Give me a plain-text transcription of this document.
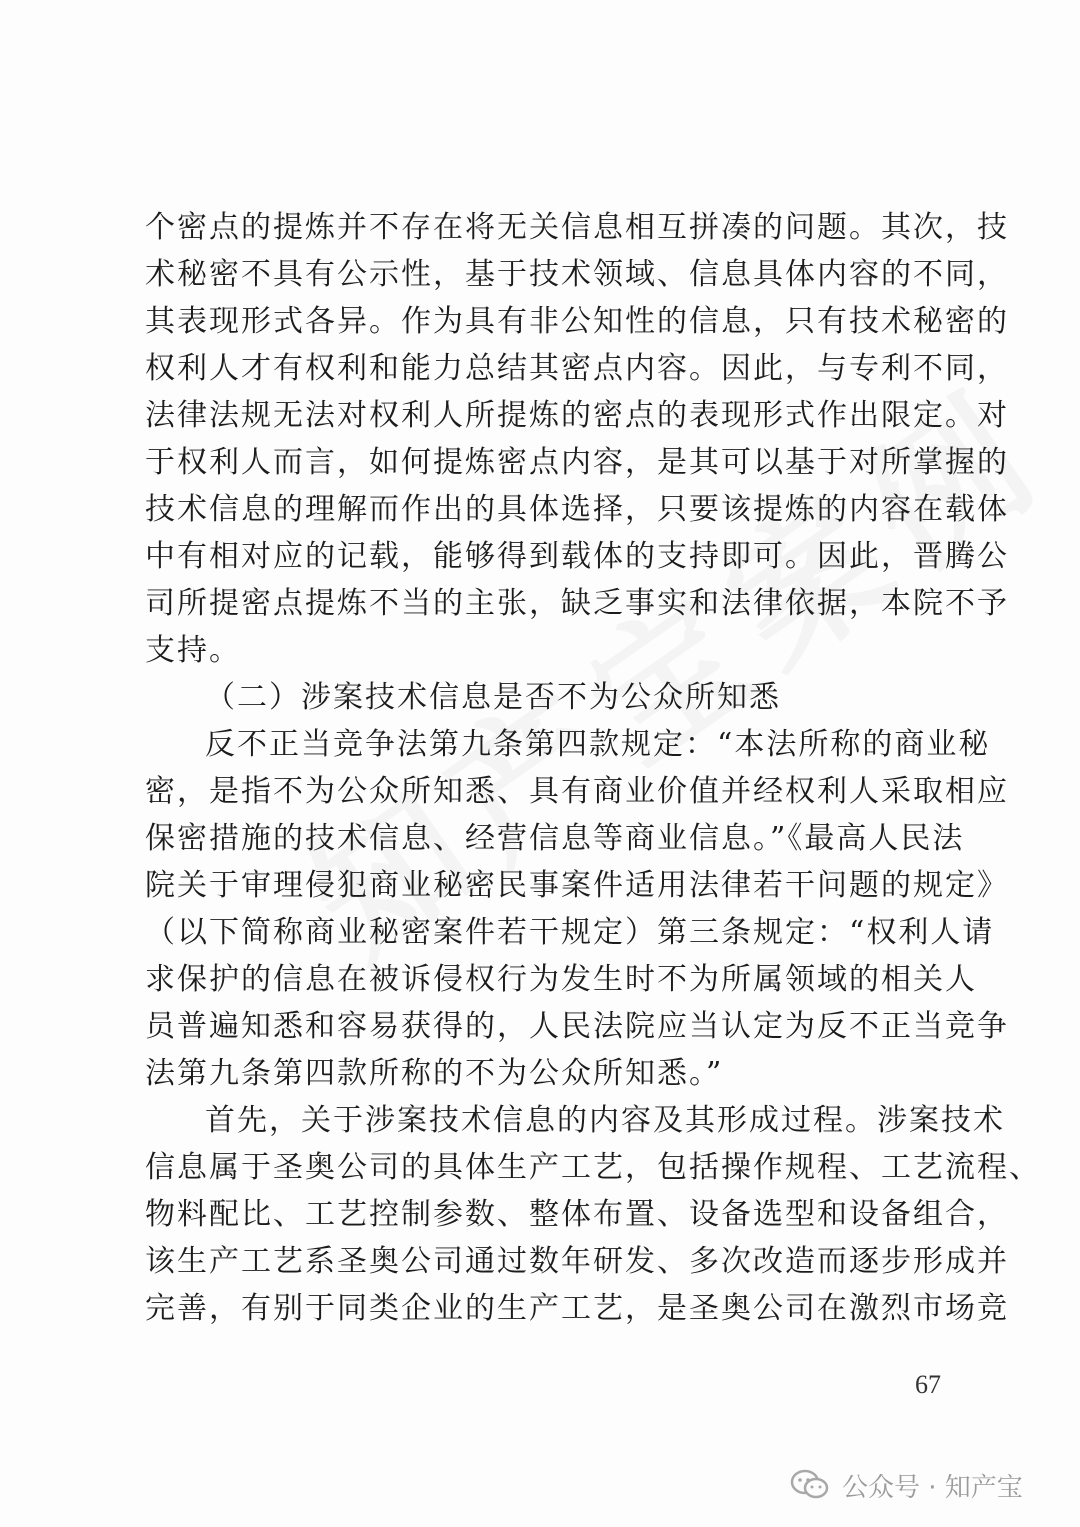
个密点的提炼并不存在将无关信息相互拼凑的问题。其次，技
术秘密不具有公示性，基于技术领域、信息具体内容的不同，
其表现形式各异。作为具有非公知性的信息，只有技术秘密的
权利人才有权利和能力总结其密点内容。因此，与专利不同，
法律法规无法对权利人所提炼的密点的表现形式作出限定。对
于权利人而言，如何提炼密点内容，是其可以基于对所掌握的
技术信息的理解而作出的具体选择，只要该提炼的内容在载体
中有相对应的记载，能够得到载体的支持即可。因此，晋腾公
司所提密点提炼不当的主张，缺乏事实和法律依据，本院不予
支持。
（二）涉案技术信息是否不为公众所知悉
反不正当竞争法第九条第四款规定：“本法所称的商业秘
密，是指不为公众所知悉、具有商业价值并经权利人采取相应
保密措施的技术信息、经营信息等商业信息。”《最高人民法
院关于审理侵犯商业秘密民事案件适用法律若干问题的规定》
（以下简称商业秘密案件若干规定）第三条规定：“权利人请
求保护的信息在被诉侵权行为发生时不为所属领域的相关人
员普遍知悉和容易获得的，人民法院应当认定为反不正当竞争
法第九条第四款所称的不为公众所知悉。”
首先，关于涉案技术信息的内容及其形成过程。涉案技术
信息属于圣奥公司的具体生产工艺，包括操作规程、工艺流程、
物料配比、工艺控制参数、整体布置、设备选型和设备组合，
该生产工艺系圣奥公司通过数年研发、多次改造而逐步形成并
完善，有别于同类企业的生产工艺，是圣奥公司在激烈市场竞
67
公众号 · 知产宝
